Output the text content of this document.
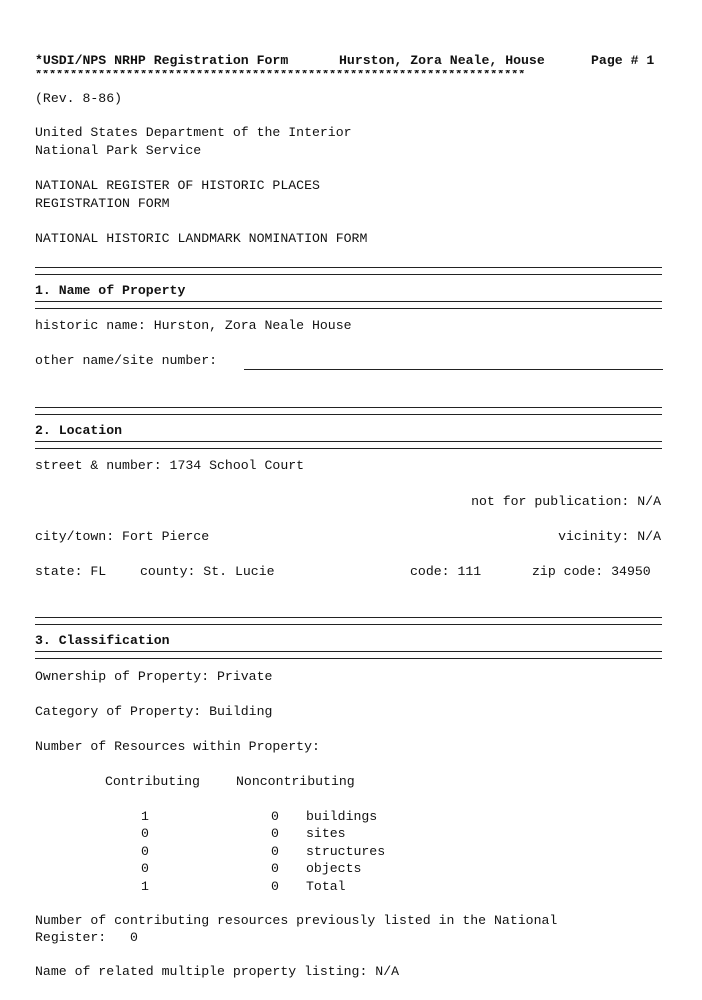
*USDI/NPS NRHP Registration Form	Hurston, Zora Neale, House	Page # 1
**********************************************************************
(Rev. 8-86)
United States Department of the Interior
National Park Service
NATIONAL REGISTER OF HISTORIC PLACES
REGISTRATION FORM
NATIONAL HISTORIC LANDMARK NOMINATION FORM
1. Name of Property
historic name: Hurston, Zora Neale House
other name/site number:
2. Location
street & number: 1734 School Court
not for publication: N/A
city/town: Fort Pierce	vicinity: N/A
state: FL	county: St. Lucie	code: 111	zip code: 34950
3. Classification
Ownership of Property: Private
Category of Property: Building
Number of Resources within Property:
Contributing	Noncontributing
1	0 buildings
0	0 sites
0	0 structures
0	0 objects
1	0 Total
Number of contributing resources previously listed in the National
Register:   0
Name of related multiple property listing: N/A
